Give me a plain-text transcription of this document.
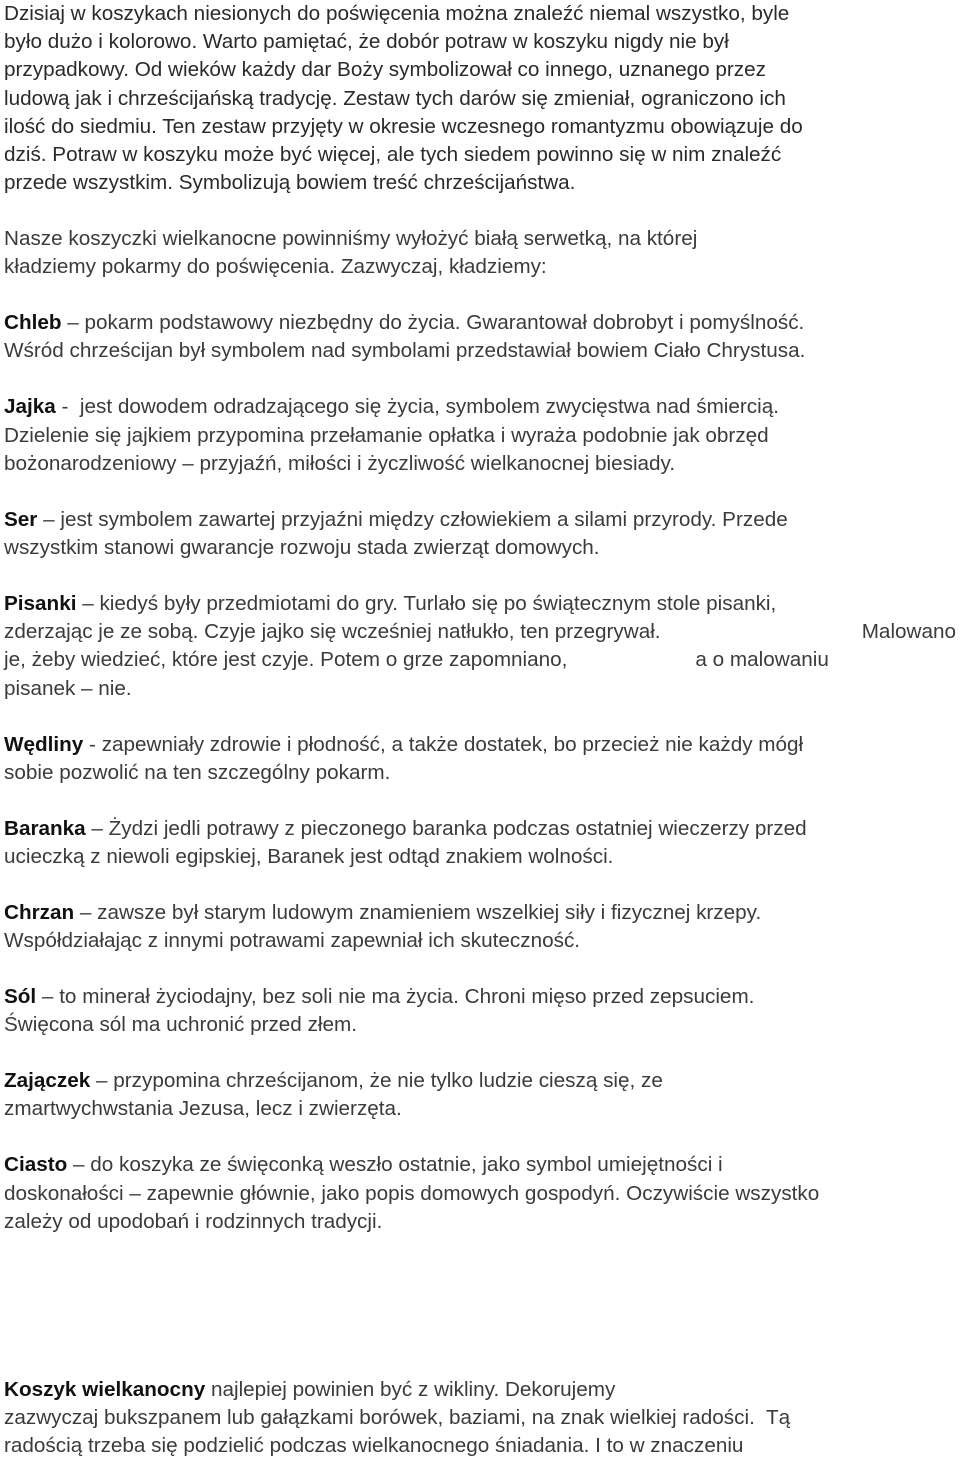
Dzisiaj w koszykach niesionych do poświęcenia można znaleźć niemal wszystko, byle
było dużo i kolorowo. Warto pamiętać, że dobór potraw w koszyku nigdy nie był
przypadkowy. Od wieków każdy dar Boży symbolizował co innego, uznanego przez
ludową jak i chrześcijańską tradycję. Zestaw tych darów się zmieniał, ograniczono ich
ilość do siedmiu. Ten zestaw przyjęty w okresie wczesnego romantyzmu obowiązuje do
dziś. Potraw w koszyku może być więcej, ale tych siedem powinno się w nim znaleźć
przede wszystkim. Symbolizują bowiem treść chrześcijaństwa.
Nasze koszyczki wielkanocne powinniśmy wyłożyć białą serwetką, na której
kładziemy pokarmy do poświęcenia. Zazwyczaj, kładziemy:
Chleb – pokarm podstawowy niezbędny do życia. Gwarantował dobrobyt i pomyślność.
Wśród chrześcijan był symbolem nad symbolami przedstawiał bowiem Ciało Chrystusa.
Jajka -  jest dowodem odradzającego się życia, symbolem zwycięstwa nad śmiercią.
Dzielenie się jajkiem przypomina przełamanie opłatka i wyraża podobnie jak obrzęd
bożonarodzeniowy – przyjaźń, miłości i życzliwość wielkanocnej biesiady.
Ser – jest symbolem zawartej przyjaźni między człowiekiem a silami przyrody. Przede
wszystkim stanowi gwarancje rozwoju stada zwierząt domowych.
Pisanki – kiedyś były przedmiotami do gry. Turlało się po świątecznym stole pisanki,
zderzając je ze sobą. Czyje jajko się wcześniej natłukło, ten przegrywał.	Malowano
je, żeby wiedzieć, które jest czyje. Potem o grze zapomniano,	a o malowaniu
pisanek – nie.
Wędliny - zapewniały zdrowie i płodność, a także dostatek, bo przecież nie każdy mógł
sobie pozwolić na ten szczególny pokarm.
Baranka – Żydzi jedli potrawy z pieczonego baranka podczas ostatniej wieczerzy przed
ucieczką z niewoli egipskiej, Baranek jest odtąd znakiem wolności.
Chrzan – zawsze był starym ludowym znamieniem wszelkiej siły i fizycznej krzepy.
Współdziałając z innymi potrawami zapewniał ich skuteczność.
Sól – to minerał życiodajny, bez soli nie ma życia. Chroni mięso przed zepsuciem.
Święcona sól ma uchronić przed złem.
Zajączek – przypomina chrześcijanom, że nie tylko ludzie cieszą się, ze
zmartwychwstania Jezusa, lecz i zwierzęta.
Ciasto – do koszyka ze święconką weszło ostatnie, jako symbol umiejętności i
doskonałości – zapewnie głównie, jako popis domowych gospodyń. Oczywiście wszystko
zależy od upodobań i rodzinnych tradycji.
Koszyk wielkanocny najlepiej powinien być z wikliny. Dekorujemy
zazwyczaj bukszpanem lub gałązkami borówek, baziami, na znak wielkiej radości.  Tą
radością trzeba się podzielić podczas wielkanocnego śniadania. I to w znaczeniu
